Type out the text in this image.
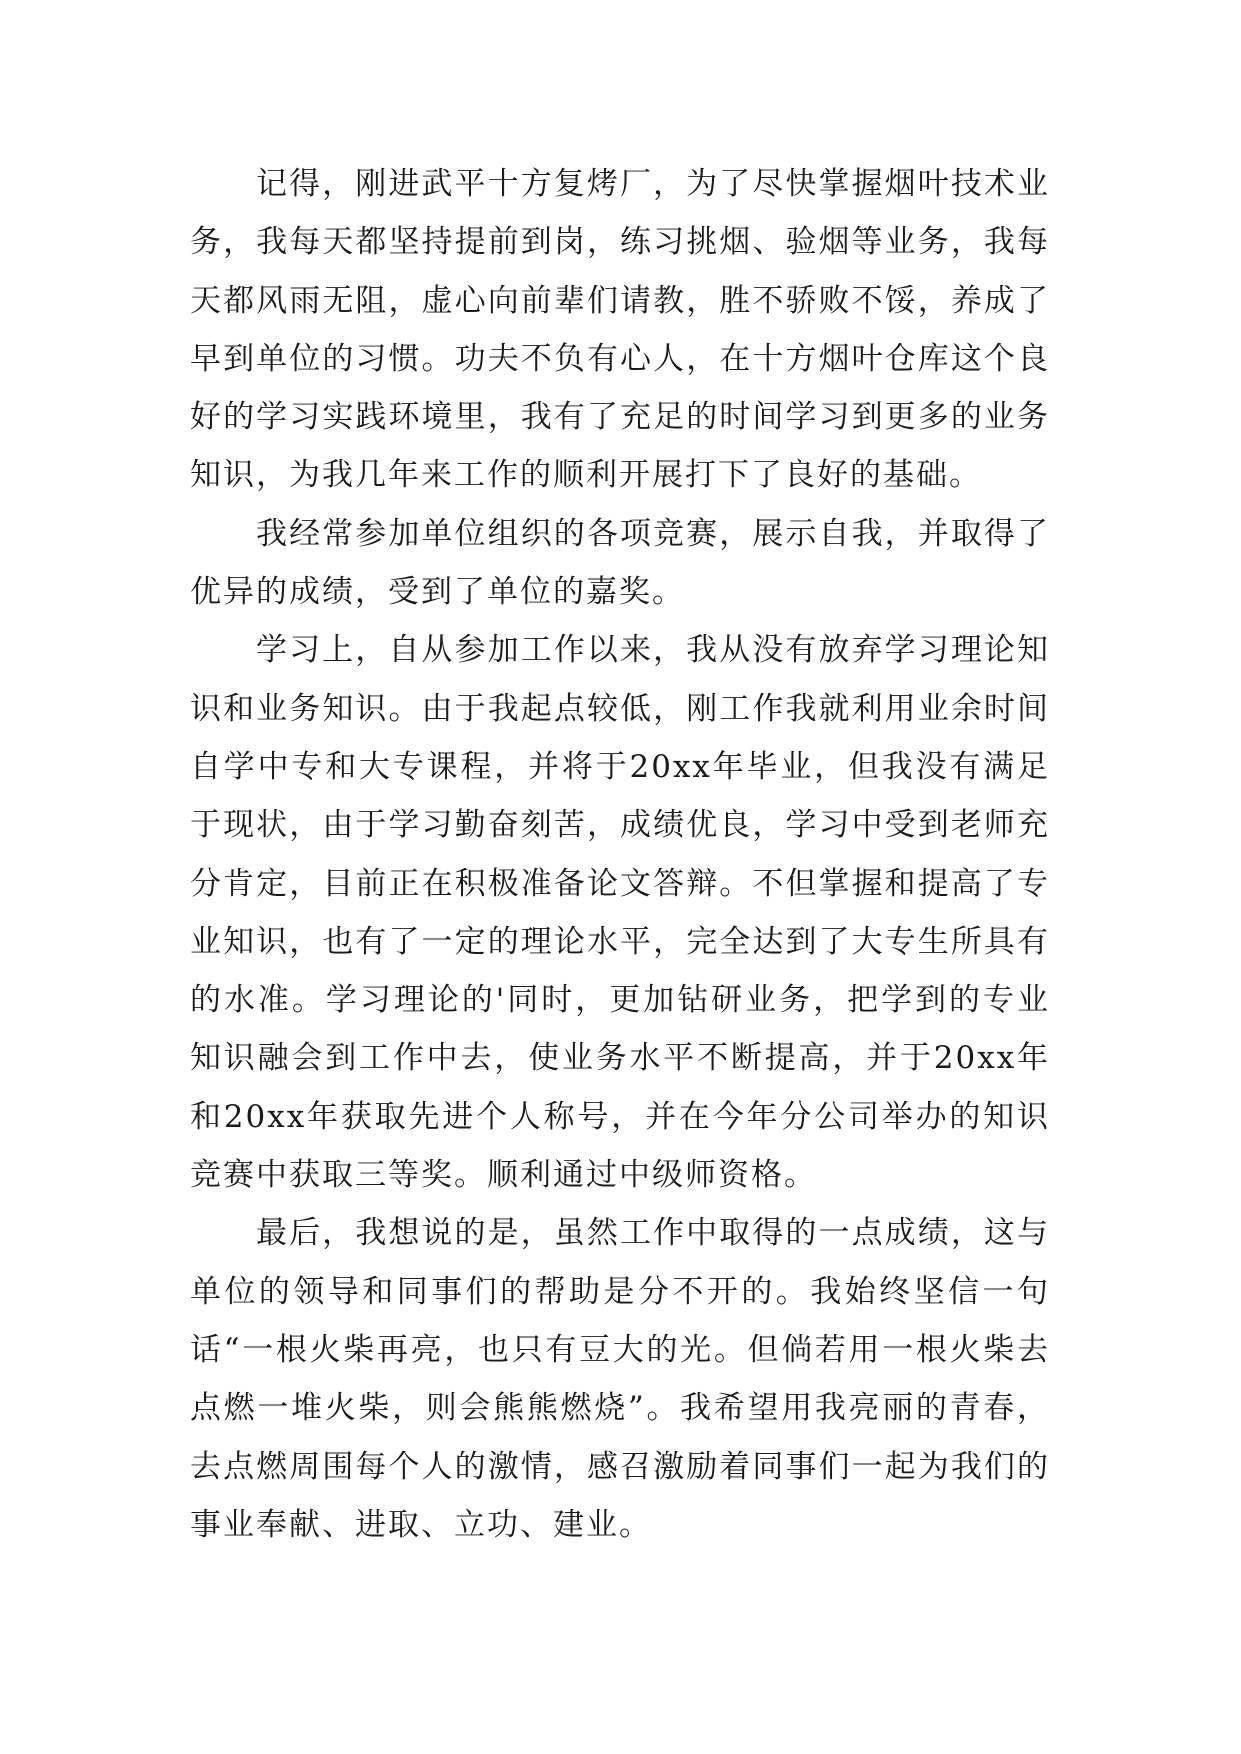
记得，刚进武平十方复烤厂，为了尽快掌握烟叶技术业务，我每天都坚持提前到岗，练习挑烟、验烟等业务，我每天都风雨无阻，虚心向前辈们请教，胜不骄败不馁，养成了早到单位的习惯。功夫不负有心人，在十方烟叶仓库这个良好的学习实践环境里，我有了充足的时间学习到更多的业务知识，为我几年来工作的顺利开展打下了良好的基础。

我经常参加单位组织的各项竞赛，展示自我，并取得了优异的成绩，受到了单位的嘉奖。

学习上，自从参加工作以来，我从没有放弃学习理论知识和业务知识。由于我起点较低，刚工作我就利用业余时间自学中专和大专课程，并将于20xx年毕业，但我没有满足于现状，由于学习勤奋刻苦，成绩优良，学习中受到老师充分肯定，目前正在积极准备论文答辩。不但掌握和提高了专业知识，也有了一定的理论水平，完全达到了大专生所具有的水准。学习理论的'同时，更加钻研业务，把学到的专业知识融会到工作中去，使业务水平不断提高，并于20xx年和20xx年获取先进个人称号，并在今年分公司举办的知识竞赛中获取三等奖。顺利通过中级师资格。

最后，我想说的是，虽然工作中取得的一点成绩，这与单位的领导和同事们的帮助是分不开的。我始终坚信一句话“一根火柴再亮，也只有豆大的光。但倘若用一根火柴去点燃一堆火柴，则会熊熊燃烧”。我希望用我亮丽的青春，去点燃周围每个人的激情，感召激励着同事们一起为我们的事业奉献、进取、立功、建业。
